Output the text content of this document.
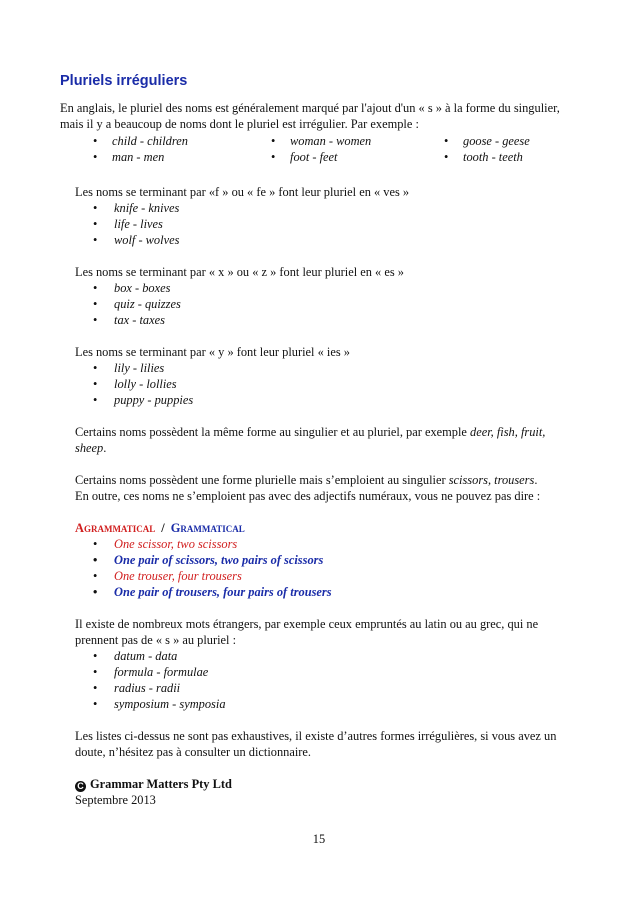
Pluriels irréguliers

En anglais, le pluriel des noms est généralement marqué par l'ajout d'un « s » à la forme du singulier, mais il y a beaucoup de noms dont le pluriel est irrégulier. Par exemple :

• child - children	• woman - women	• goose - geese
• man - men	• foot - feet	• tooth - teeth

Les noms se terminant par «f » ou « fe » font leur pluriel en « ves »

• knife - knives
• life - lives
• wolf - wolves

Les noms se terminant par « x » ou « z » font leur pluriel en « es »

• box - boxes
• quiz - quizzes
• tax - taxes

Les noms se terminant par « y » font leur pluriel « ies »

• lily - lilies
• lolly - lollies
• puppy - puppies

Certains noms possèdent la même forme au singulier et au pluriel, par exemple deer, fish, fruit, sheep.

Certains noms possèdent une forme plurielle mais s’emploient au singulier scissors, trousers.

En outre, ces noms ne s’emploient pas avec des adjectifs numéraux, vous ne pouvez pas dire :

Agrammatical / Grammatical

• One scissor, two scissors
• One pair of scissors, two pairs of scissors
• One trouser, four trousers
• One pair of trousers, four pairs of trousers

Il existe de nombreux mots étrangers, par exemple ceux empruntés au latin ou au grec, qui ne prennent pas de « s » au pluriel :

• datum - data
• formula - formulae
• radius - radii
• symposium - symposia

Les listes ci-dessus ne sont pas exhaustives, il existe d’autres formes irrégulières, si vous avez un doute, n’hésitez pas à consulter un dictionnaire.

C Grammar Matters Pty Ltd

Septembre 2013

15
